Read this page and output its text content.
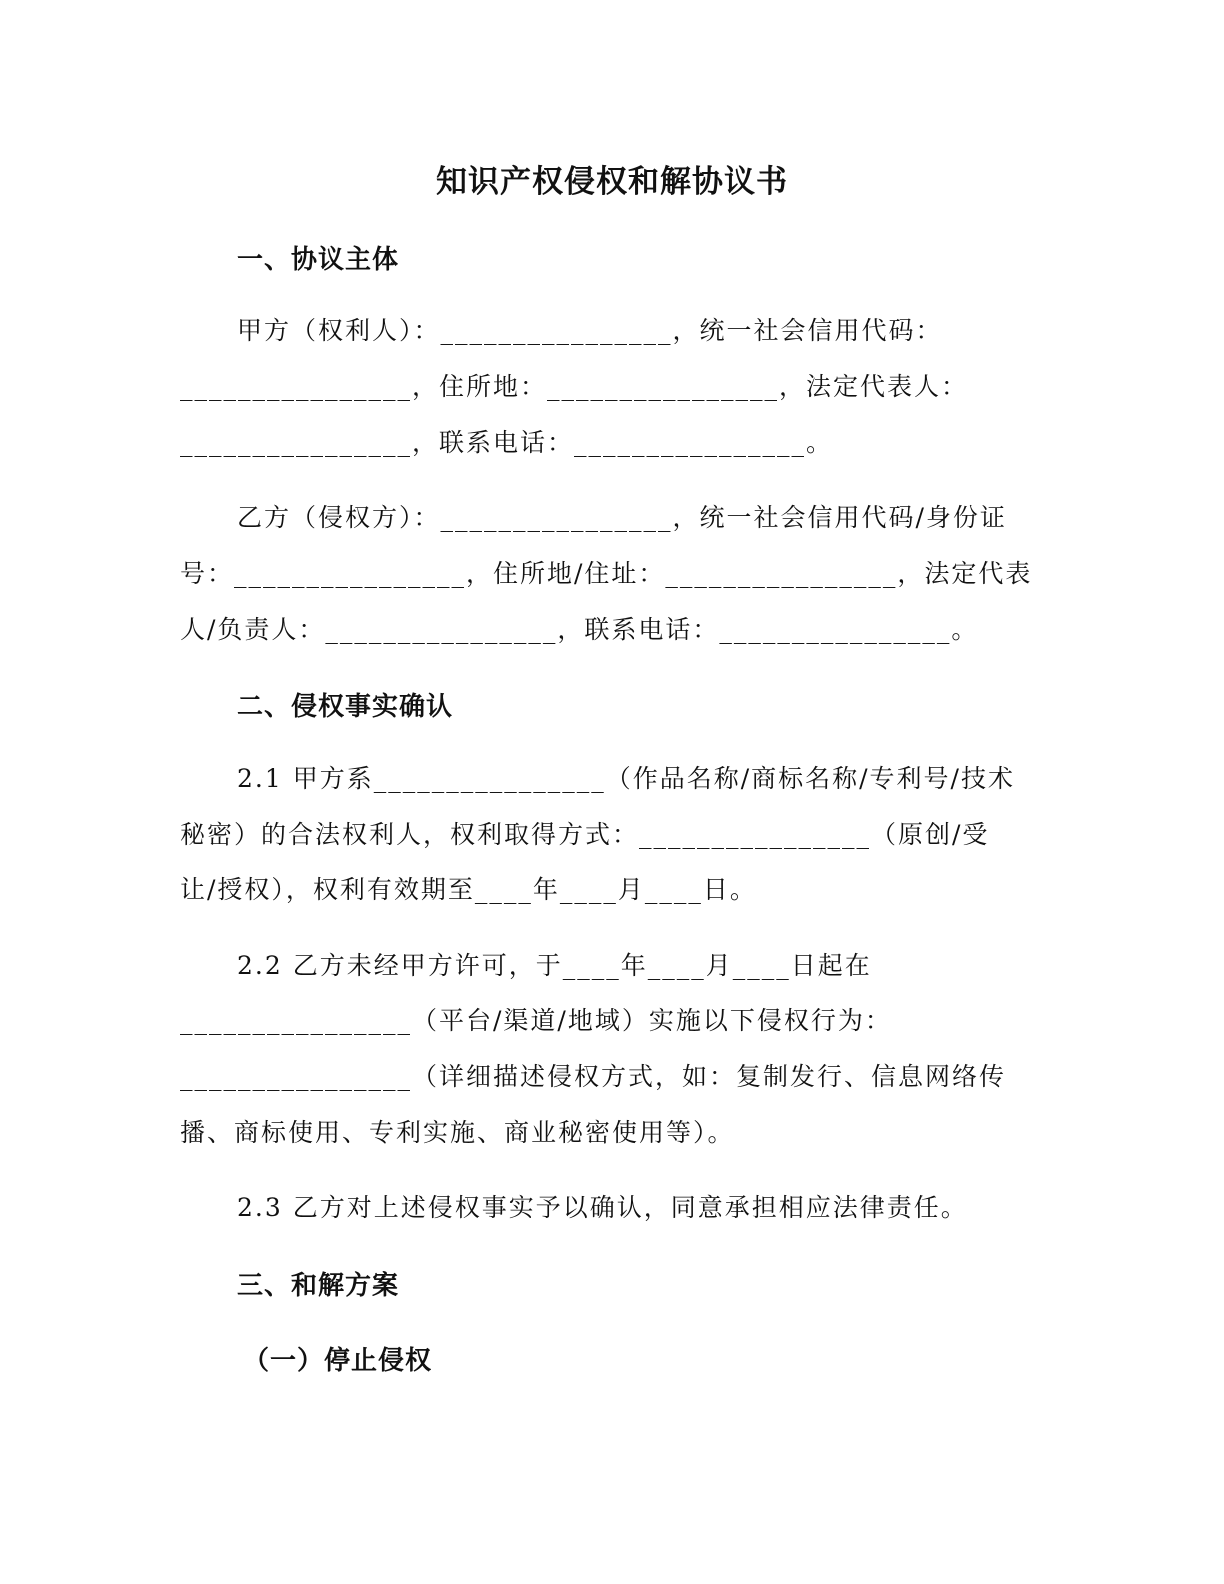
知识产权侵权和解协议书
一、协议主体
甲方（权利人）：________________，统一社会信用代码：
________________，住所地：________________，法定代表人：
________________，联系电话：________________。
乙方（侵权方）：________________，统一社会信用代码/身份证
号：________________，住所地/住址：________________，法定代表
人/负责人：________________，联系电话：________________。
二、侵权事实确认
2.1 甲方系________________（作品名称/商标名称/专利号/技术
秘密）的合法权利人，权利取得方式：________________（原创/受
让/授权），权利有效期至____年____月____日。
2.2 乙方未经甲方许可，于____年____月____日起在
________________（平台/渠道/地域）实施以下侵权行为：
________________（详细描述侵权方式，如：复制发行、信息网络传
播、商标使用、专利实施、商业秘密使用等）。
2.3 乙方对上述侵权事实予以确认，同意承担相应法律责任。
三、和解方案
（一）停止侵权
